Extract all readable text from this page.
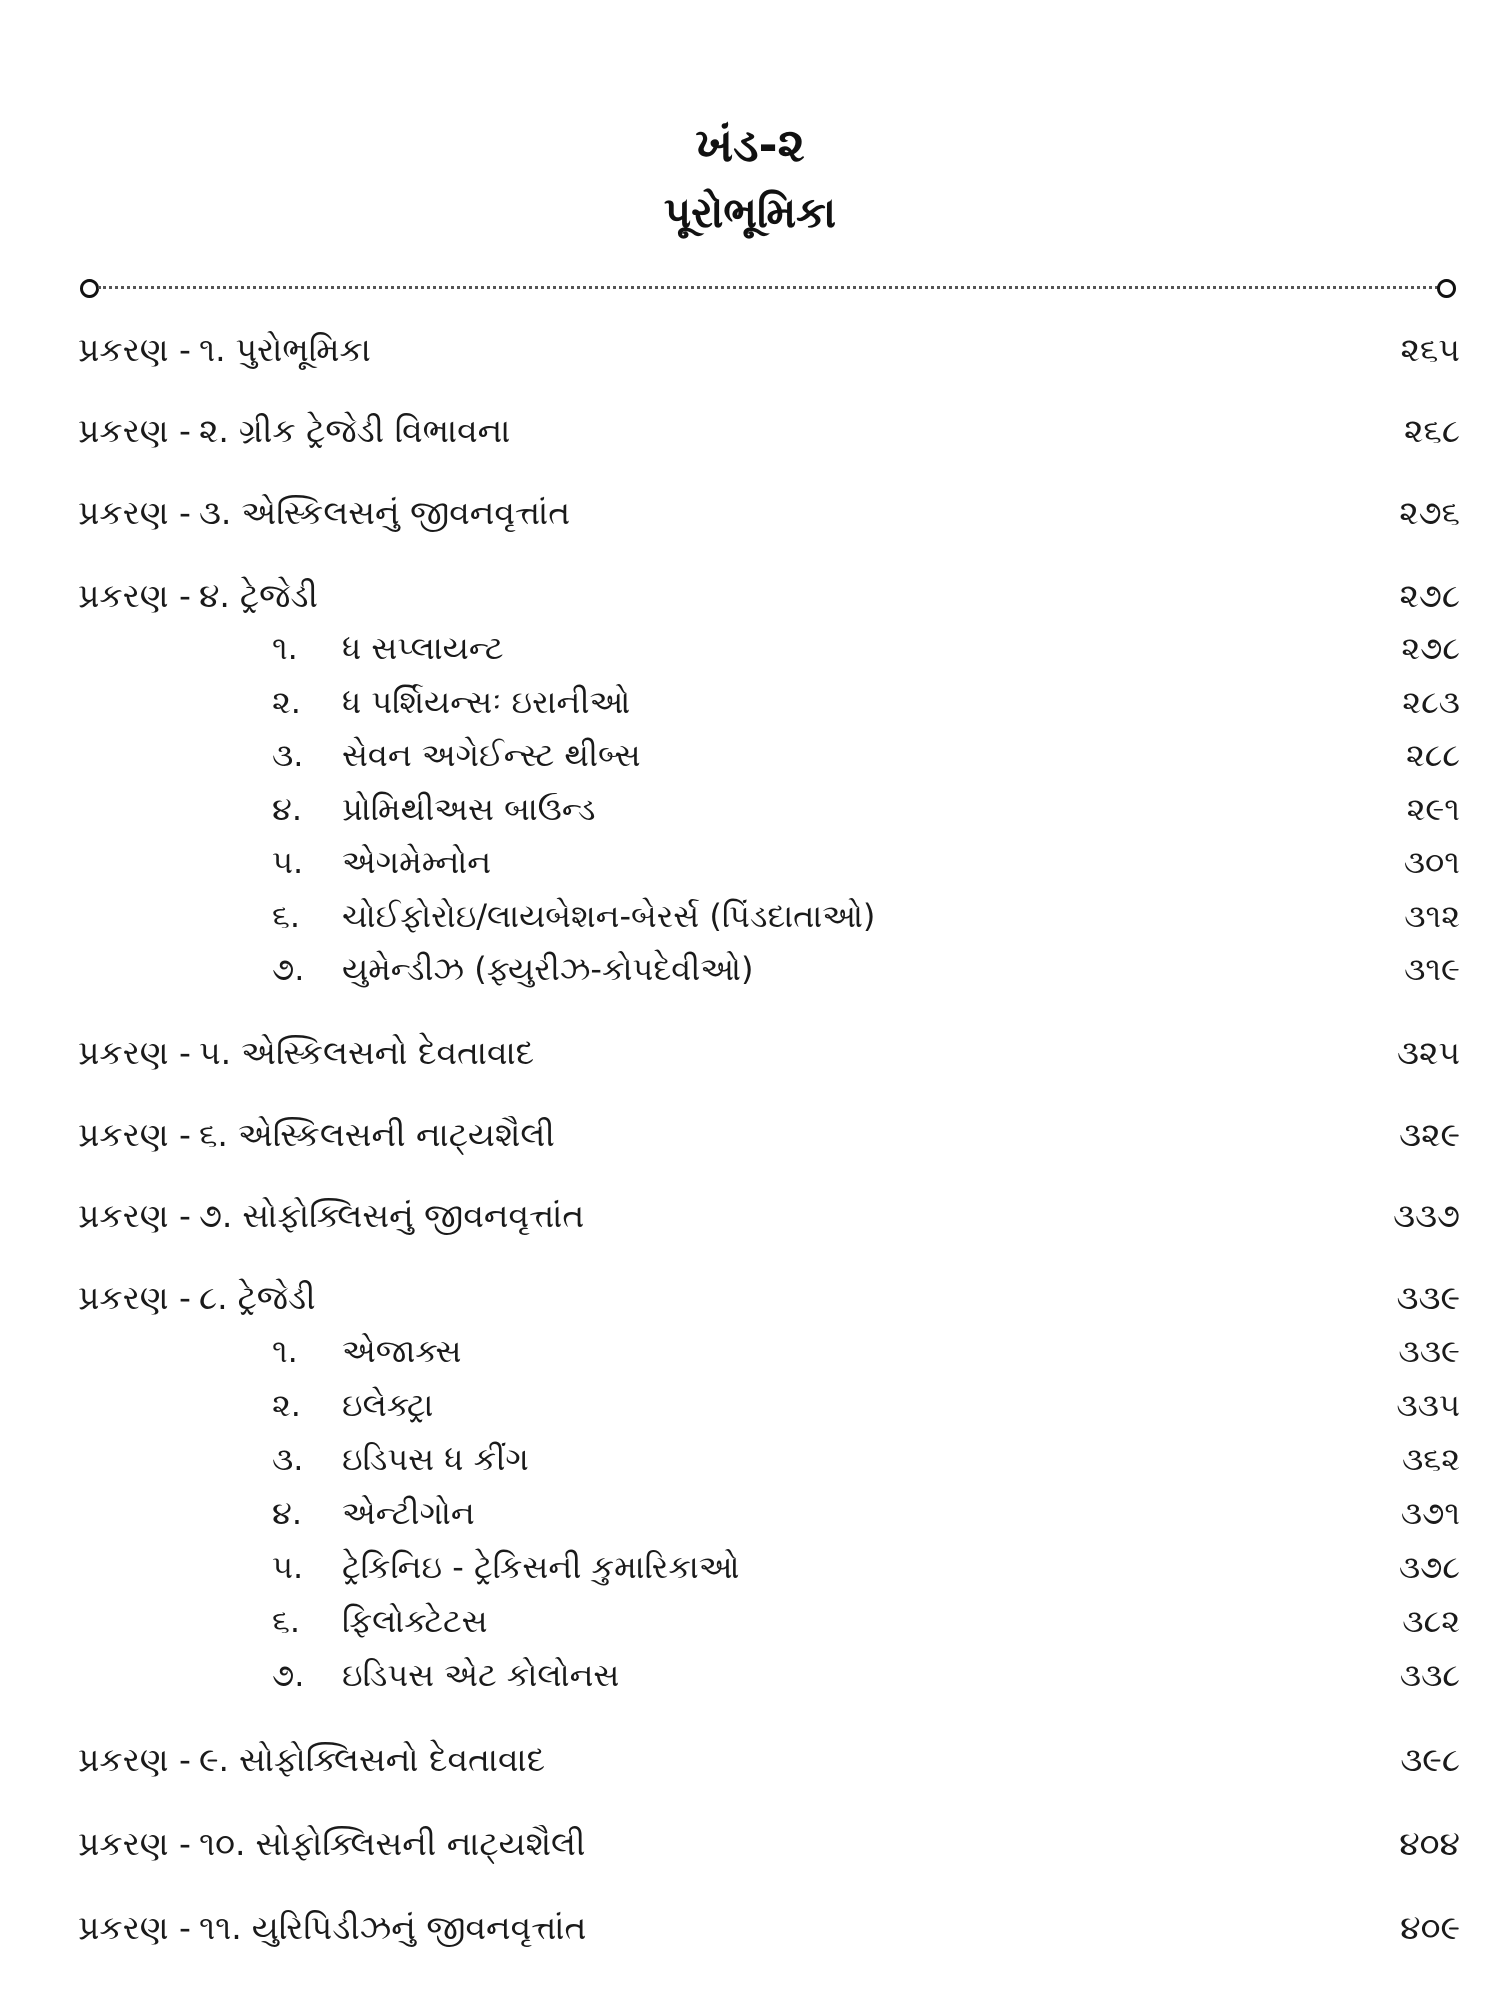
ખંડ-૨
પૂરોભૂમિકા
પ્રકરણ - ૧. પુરોભૂમિકા	૨૬૫
પ્રકરણ - ૨. ગ્રીક ટ્રેજેડી વિભાવના	૨૬૮
પ્રકરણ - ૩. એસ્કિલસનું જીવનવૃત્તાંત	૨૭૬
પ્રકરણ - ૪. ટ્રેજેડી	૨૭૮
૧. ધ સપ્લાયન્ટ	૨૭૮
૨. ધ પર્શિયન્સઃ ઇરાનીઓ	૨૮૩
૩. સેવન અગેઈન્સ્ટ થીબ્સ	૨૮૮
૪. પ્રોમિથીઅસ બાઉન્ડ	૨૯૧
૫. એગમેમ્નોન	૩૦૧
૬. ચોઈફોરોઇ/લાયબેશન-બેરર્સ (પિંડદાતાઓ)	૩૧૨
૭. યુમેન્ડીઝ (ફ્યુરીઝ-કોપદેવીઓ)	૩૧૯
પ્રકરણ - ૫. એસ્કિલસનો દેવતાવાદ	૩૨૫
પ્રકરણ - ૬. એસ્કિલસની નાટ્યશૈલી	૩૨૯
પ્રકરણ - ૭. સોફોક્લિસનું જીવનવૃત્તાંત	૩૩૭
પ્રકરણ - ૮. ટ્રેજેડી	૩૩૯
૧. એજાક્સ	૩૩૯
૨. ઇલેક્ટ્રા	૩૩૫
૩. ઇડિપસ ધ કીંગ	૩૬૨
૪. એન્ટીગોન	૩૭૧
૫. ટ્રેકિનિઇ - ટ્રેકિસની કુમારિકાઓ	૩૭૮
૬. ફિલોક્ટેટસ	૩૮૨
૭. ઇડિપસ એટ કોલોનસ	૩૩૮
પ્રકરણ - ૯. સોફોક્લિસનો દેવતાવાદ	૩૯૮
પ્રકરણ - ૧૦. સોફોક્લિસની નાટ્યશૈલી	૪૦૪
પ્રકરણ - ૧૧. યુરિપિડીઝનું જીવનવૃત્તાંત	૪૦૯
